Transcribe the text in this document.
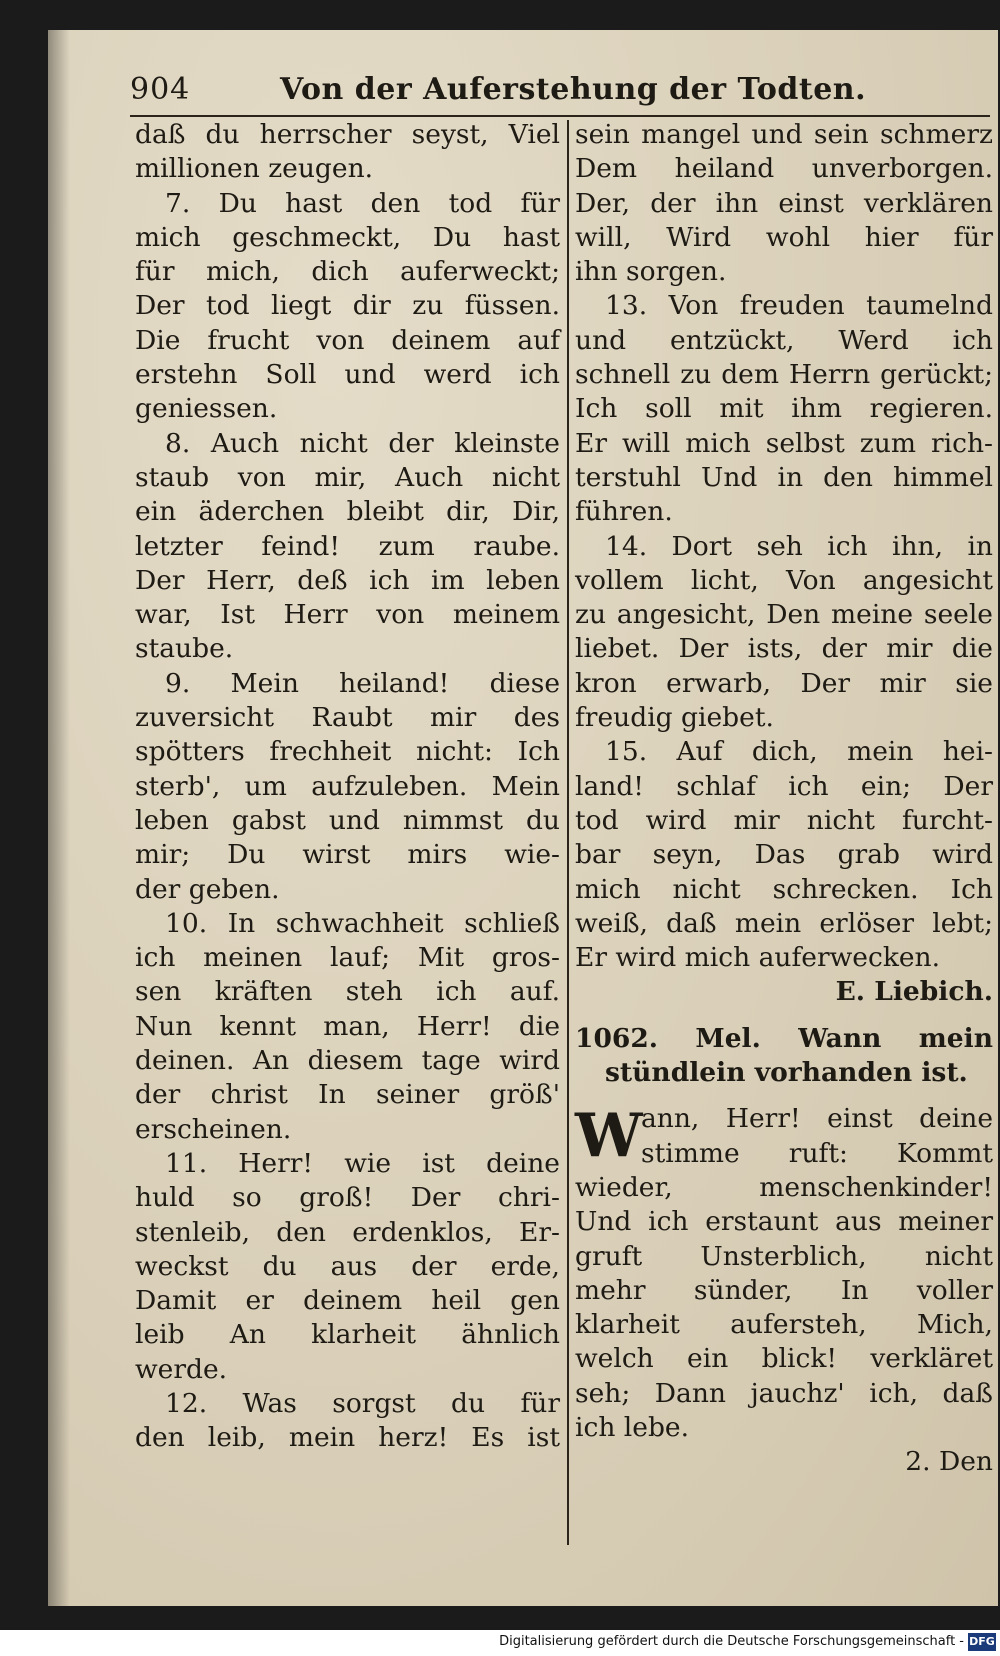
904	Von der Auferstehung der Todten.
daß du herrscher seyst, Viel
millionen zeugen.
7. Du hast den tod für
mich geschmeckt, Du hast
für mich, dich auferweckt;
Der tod liegt dir zu füssen.
Die frucht von deinem auf
erstehn Soll und werd ich
geniessen.
8. Auch nicht der kleinste
staub von mir, Auch nicht
ein äderchen bleibt dir, Dir,
letzter feind! zum raube.
Der Herr, deß ich im leben
war, Ist Herr von meinem
staube.
9. Mein heiland! diese
zuversicht Raubt mir des
spötters frechheit nicht: Ich
sterb', um aufzuleben. Mein
leben gabst und nimmst du
mir; Du wirst mirs wie-
der geben.
10. In schwachheit schließ
ich meinen lauf; Mit gros-
sen kräften steh ich auf.
Nun kennt man, Herr! die
deinen. An diesem tage wird
der christ In seiner größ'
erscheinen.
11. Herr! wie ist deine
huld so groß! Der chri-
stenleib, den erdenklos, Er-
weckst du aus der erde,
Damit er deinem heil gen
leib An klarheit ähnlich
werde.
12. Was sorgst du für
den leib, mein herz! Es ist
sein mangel und sein schmerz
Dem heiland unverborgen.
Der, der ihn einst verklären
will, Wird wohl hier für
ihn sorgen.
13. Von freuden taumelnd
und entzückt, Werd ich
schnell zu dem Herrn gerückt;
Ich soll mit ihm regieren.
Er will mich selbst zum rich-
terstuhl Und in den himmel
führen.
14. Dort seh ich ihn, in
vollem licht, Von angesicht
zu angesicht, Den meine seele
liebet. Der ists, der mir die
kron erwarb, Der mir sie
freudig giebet.
15. Auf dich, mein hei-
land! schlaf ich ein; Der
tod wird mir nicht furcht-
bar seyn, Das grab wird
mich nicht schrecken. Ich
weiß, daß mein erlöser lebt;
Er wird mich auferwecken.
E. Liebich.
1062. Mel. Wann mein
stündlein vorhanden ist.
W
ann, Herr! einst deine
stimme ruft: Kommt
wieder, menschenkinder!
Und ich erstaunt aus meiner
gruft Unsterblich, nicht
mehr sünder, In voller
klarheit aufersteh, Mich,
welch ein blick! verkläret
seh; Dann jauchz' ich, daß
ich lebe.
2. Den
Digitalisierung gefördert durch die Deutsche Forschungsgemeinschaft - DFG
